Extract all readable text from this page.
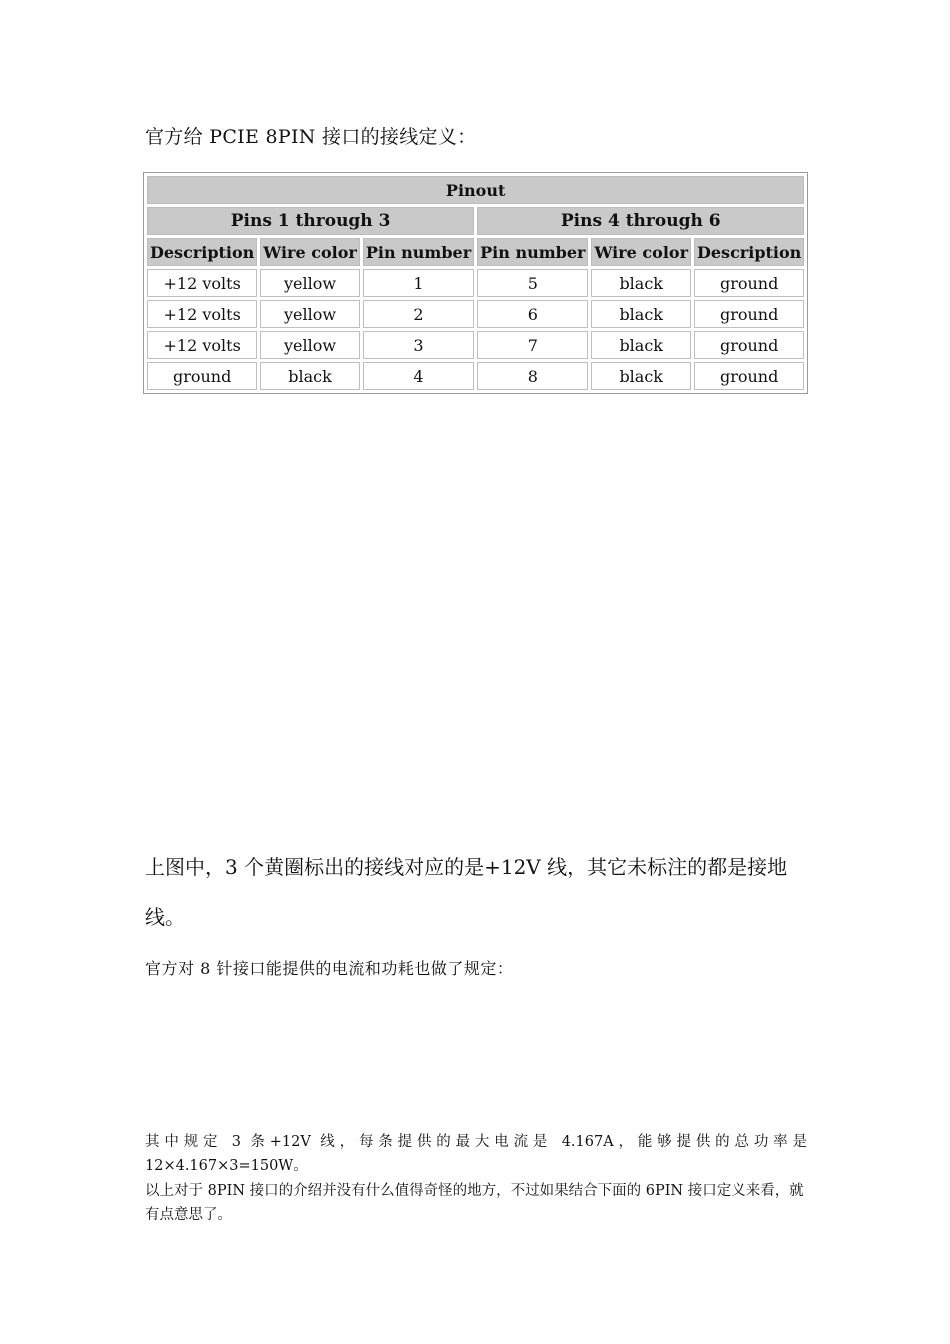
官方给 PCIE 8PIN 接口的接线定义：

Pinout					
Pins 1 through 3			Pins 4 through 6		
Description	Wire color	Pin number	Pin number	Wire color	Description
+12 volts	yellow	1	5	black	ground
+12 volts	yellow	2	6	black	ground
+12 volts	yellow	3	7	black	ground
ground	black	4	8	black	ground

上图中，3 个黄圈标出的接线对应的是+12V 线，其它未标注的都是接地线。

官方对 8 针接口能提供的电流和功耗也做了规定：

其中规定 3 条+12V 线，每条提供的最大电流是 4.167A，能够提供的总功率是 12×4.167×3=150W。

以上对于 8PIN 接口的介绍并没有什么值得奇怪的地方，不过如果结合下面的 6PIN 接口定义来看，就有点意思了。
